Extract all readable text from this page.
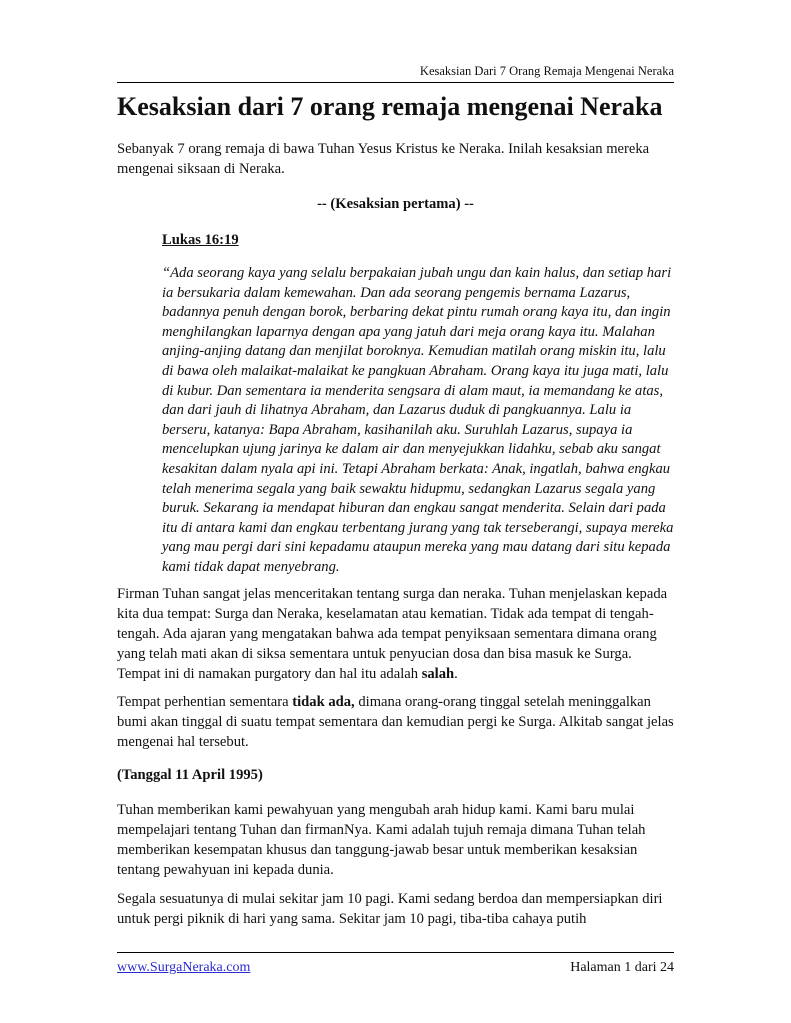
Kesaksian Dari 7 Orang Remaja Mengenai Neraka
Kesaksian dari 7 orang remaja mengenai Neraka

Sebanyak 7 orang remaja di bawa Tuhan Yesus Kristus ke Neraka. Inilah kesaksian mereka mengenai siksaan di Neraka.

-- (Kesaksian pertama) --
Lukas 16:19

“Ada seorang kaya yang selalu berpakaian jubah ungu dan kain halus, dan setiap hari ia bersukaria dalam kemewahan. Dan ada seorang pengemis bernama Lazarus, badannya penuh dengan borok, berbaring dekat pintu rumah orang kaya itu, dan ingin menghilangkan laparnya dengan apa yang jatuh dari meja orang kaya itu. Malahan anjing-anjing datang dan menjilat boroknya. Kemudian matilah orang miskin itu, lalu di bawa oleh malaikat-malaikat ke pangkuan Abraham. Orang kaya itu juga mati, lalu di kubur. Dan sementara ia menderita sengsara di alam maut, ia memandang ke atas, dan dari jauh di lihatnya Abraham, dan Lazarus duduk di pangkuannya. Lalu ia berseru, katanya: Bapa Abraham, kasihanilah aku. Suruhlah Lazarus, supaya ia mencelupkan ujung jarinya ke dalam air dan menyejukkan lidahku, sebab aku sangat kesakitan dalam nyala api ini. Tetapi Abraham berkata: Anak, ingatlah, bahwa engkau telah menerima segala yang baik sewaktu hidupmu, sedangkan Lazarus segala yang buruk. Sekarang ia mendapat hiburan dan engkau sangat menderita. Selain dari pada itu di antara kami dan engkau terbentang jurang yang tak terseberangi, supaya mereka yang mau pergi dari sini kepadamu ataupun mereka yang mau datang dari situ kepada kami tidak dapat menyebrang.

Firman Tuhan sangat jelas menceritakan tentang surga dan neraka. Tuhan menjelaskan kepada kita dua tempat: Surga dan Neraka, keselamatan atau kematian. Tidak ada tempat di tengah-tengah. Ada ajaran yang mengatakan bahwa ada tempat penyiksaan sementara dimana orang yang telah mati akan di siksa sementara untuk penyucian dosa dan bisa masuk ke Surga. Tempat ini di namakan purgatory dan hal itu adalah salah.

Tempat perhentian sementara tidak ada, dimana orang-orang tinggal setelah meninggalkan bumi akan tinggal di suatu tempat sementara dan kemudian pergi ke Surga. Alkitab sangat jelas mengenai hal tersebut.

(Tanggal 11 April 1995)

Tuhan memberikan kami pewahyuan yang mengubah arah hidup kami. Kami baru mulai mempelajari tentang Tuhan dan firmanNya. Kami adalah tujuh remaja dimana Tuhan telah memberikan kesempatan khusus dan tanggung-jawab besar untuk memberikan kesaksian tentang pewahyuan ini kepada dunia.

Segala sesuatunya di mulai sekitar jam 10 pagi. Kami sedang berdoa dan mempersiapkan diri untuk pergi piknik di hari yang sama. Sekitar jam 10 pagi, tiba-tiba cahaya putih

www.SurgaNeraka.com	Halaman 1 dari 24
